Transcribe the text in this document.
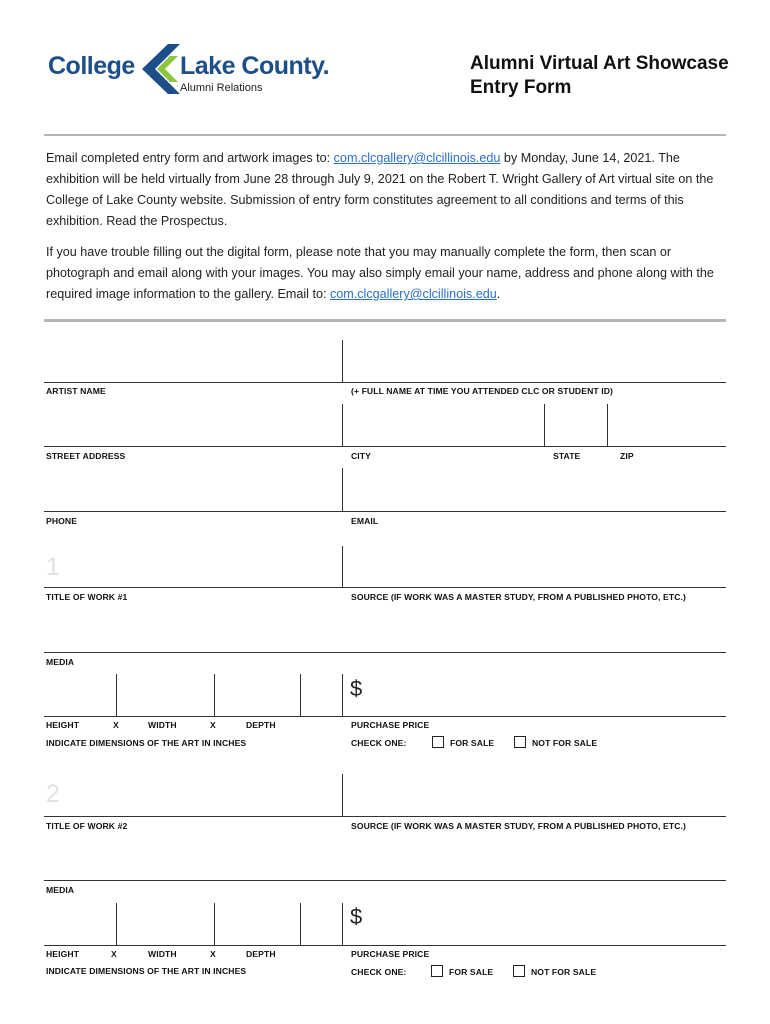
College Lake County.
Alumni Relations
Alumni Virtual Art Showcase
Entry Form
Email completed entry form and artwork images to: com.clcgallery@clcillinois.edu by Monday, June 14, 2021. The exhibition will be held virtually from June 28 through July 9, 2021 on the Robert T. Wright Gallery of Art virtual site on the College of Lake County website. Submission of entry form constitutes agreement to all conditions and terms of this exhibition. Read the Prospectus.
If you have trouble filling out the digital form, please note that you may manually complete the form, then scan or photograph and email along with your images. You may also simply email your name, address and phone along with the required image information to the gallery. Email to: com.clcgallery@clcillinois.edu.
ARTIST NAME	(+ FULL NAME AT TIME YOU ATTENDED CLC OR STUDENT ID)
STREET ADDRESS	CITY	STATE	ZIP
PHONE	EMAIL
1
TITLE OF WORK #1	SOURCE (IF WORK WAS A MASTER STUDY, FROM A PUBLISHED PHOTO, ETC.)
MEDIA
$
HEIGHT	X	WIDTH	X	DEPTH	PURCHASE PRICE
INDICATE DIMENSIONS OF THE ART IN INCHES	CHECK ONE:	FOR SALE	NOT FOR SALE
2
TITLE OF WORK #2	SOURCE (IF WORK WAS A MASTER STUDY, FROM A PUBLISHED PHOTO, ETC.)
MEDIA
$
HEIGHT	X	WIDTH	X	DEPTH	PURCHASE PRICE
INDICATE DIMENSIONS OF THE ART IN INCHES	CHECK ONE:	FOR SALE	NOT FOR SALE
